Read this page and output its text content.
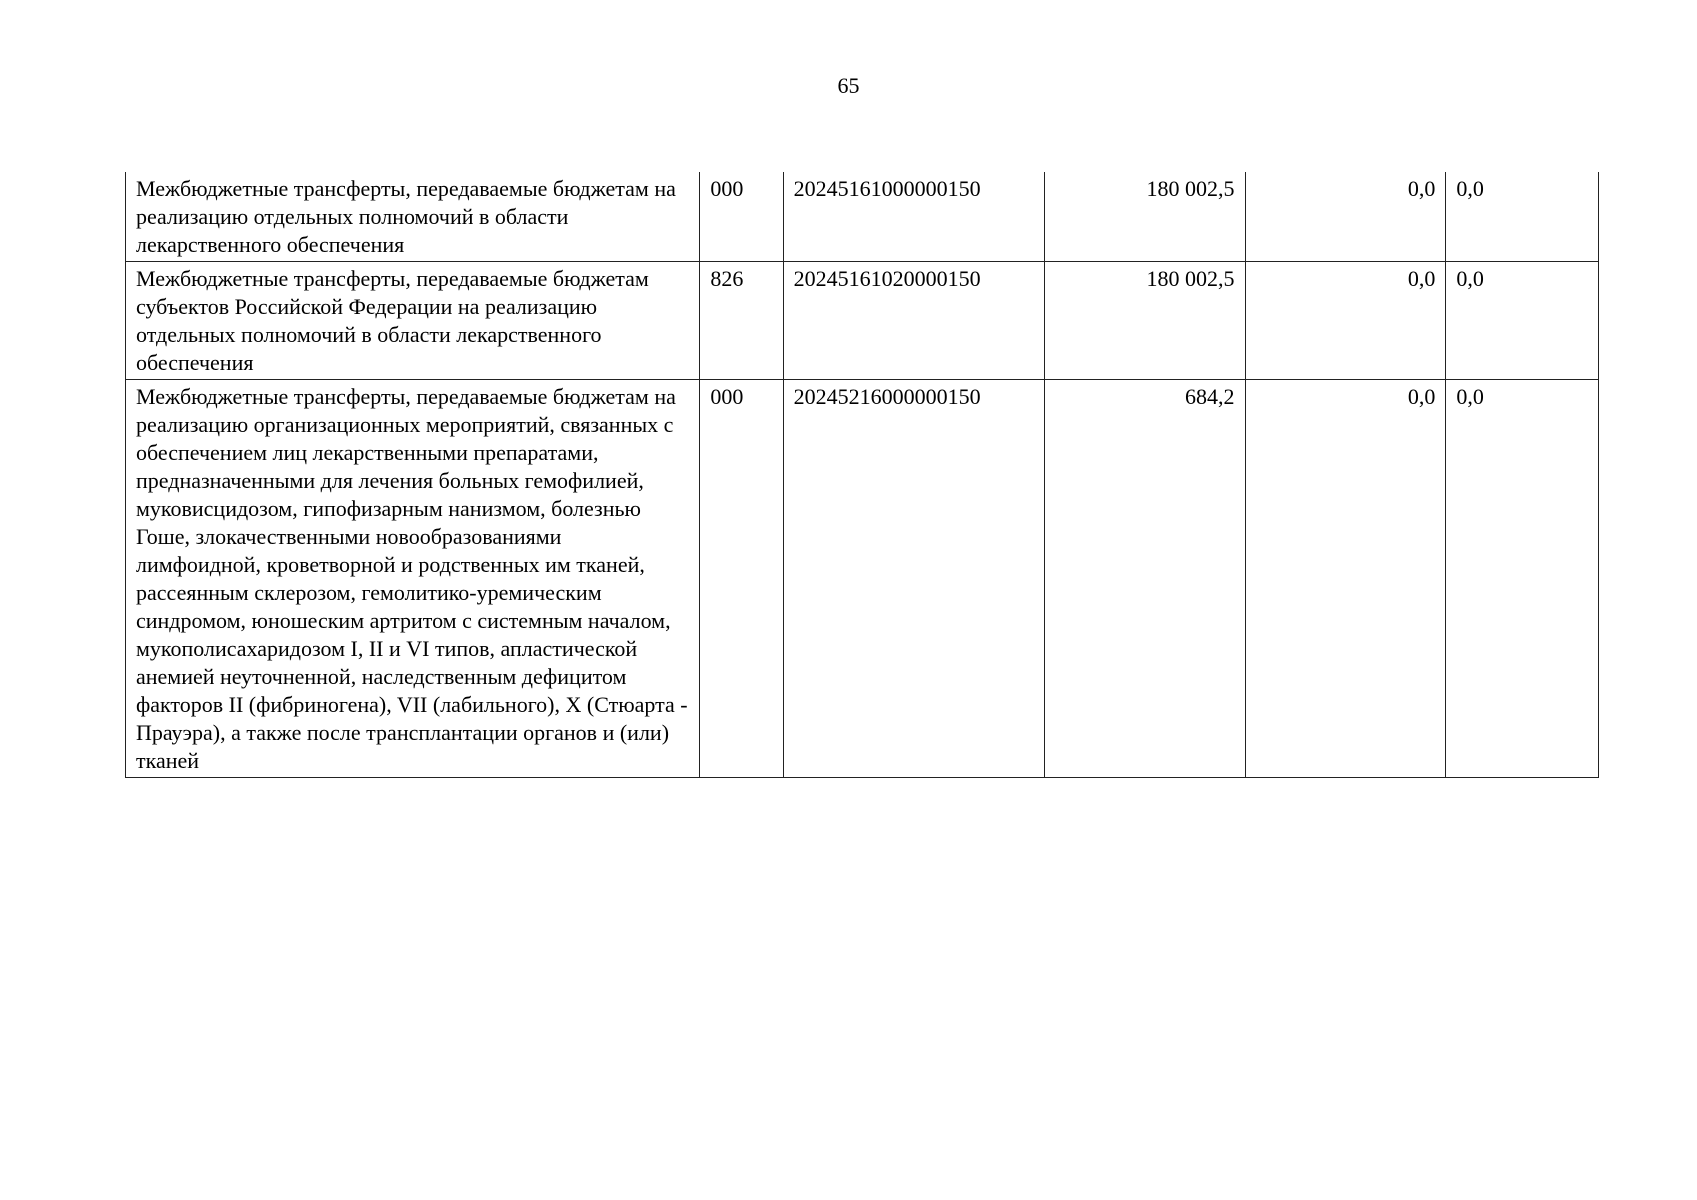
65
Межбюджетные трансферты, передаваемые бюджетам на реализацию отдельных полномочий в области лекарственного обеспечения	000	20245161000000150	180 002,5	0,0	0,0
Межбюджетные трансферты, передаваемые бюджетам субъектов Российской Федерации на реализацию отдельных полномочий в области лекарственного обеспечения	826	20245161020000150	180 002,5	0,0	0,0
Межбюджетные трансферты, передаваемые бюджетам на реализацию организационных мероприятий, связанных с обеспечением лиц лекарственными препаратами, предназначенными для лечения больных гемофилией, муковисцидозом, гипофизарным нанизмом, болезнью Гоше, злокачественными новообразованиями лимфоидной, кроветворной и родственных им тканей, рассеянным склерозом, гемолитико-уремическим синдромом, юношеским артритом с системным началом, мукополисахаридозом I, II и VI типов, апластической анемией неуточненной, наследственным дефицитом факторов II (фибриногена), VII (лабильного), X (Стюарта - Прауэра), а также после трансплантации органов и (или) тканей	000	20245216000000150	684,2	0,0	0,0
